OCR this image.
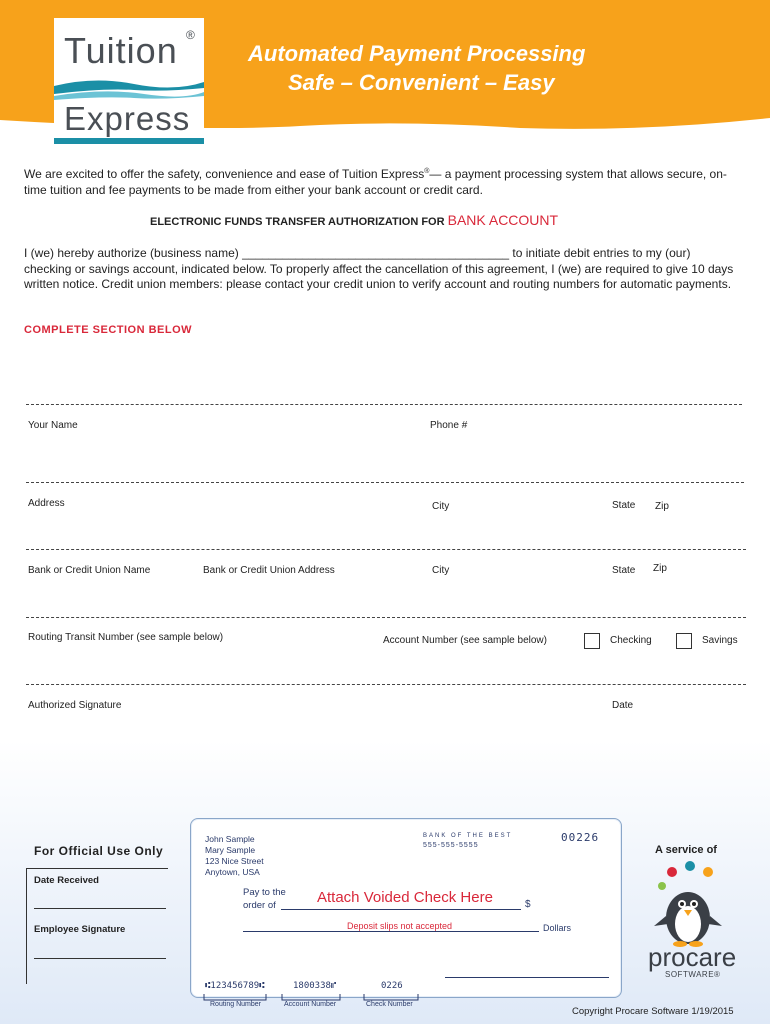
Tuition ®
Express
Automated Payment Processing
Safe – Convenient – Easy
We are excited to offer the safety, convenience and ease of Tuition Express®— a payment processing system that allows secure, on-time tuition and fee payments to be made from either your bank account or credit card.
ELECTRONIC FUNDS TRANSFER AUTHORIZATION FOR BANK ACCOUNT
I (we) hereby authorize (business name) ________________________________________ to initiate debit entries to my (our) checking or savings account, indicated below. To properly affect the cancellation of this agreement, I (we) are required to give 10 days written notice. Credit union members: please contact your credit union to verify account and routing numbers for automatic payments.
COMPLETE SECTION BELOW
Your Name	Phone #
Address	City	State Zip
Bank or Credit Union Name	Bank or Credit Union Address	City	State Zip
Routing Transit Number (see sample below)	Account Number (see sample below)	Checking	Savings
Authorized Signature	Date
For Official Use Only
Date Received
Employee Signature
John Sample
Mary Sample
123 Nice Street
Anytown, USA
BANK OF THE BEST
555-555-5555
00226
Pay to the
order of	Attach Voided Check Here	$
Deposit slips not accepted	Dollars
⑆123456789⑆	1800338⑈	0226
Routing Number	Account Number	Check Number
A service of
procare
SOFTWARE®
Copyright Procare Software 1/19/2015
